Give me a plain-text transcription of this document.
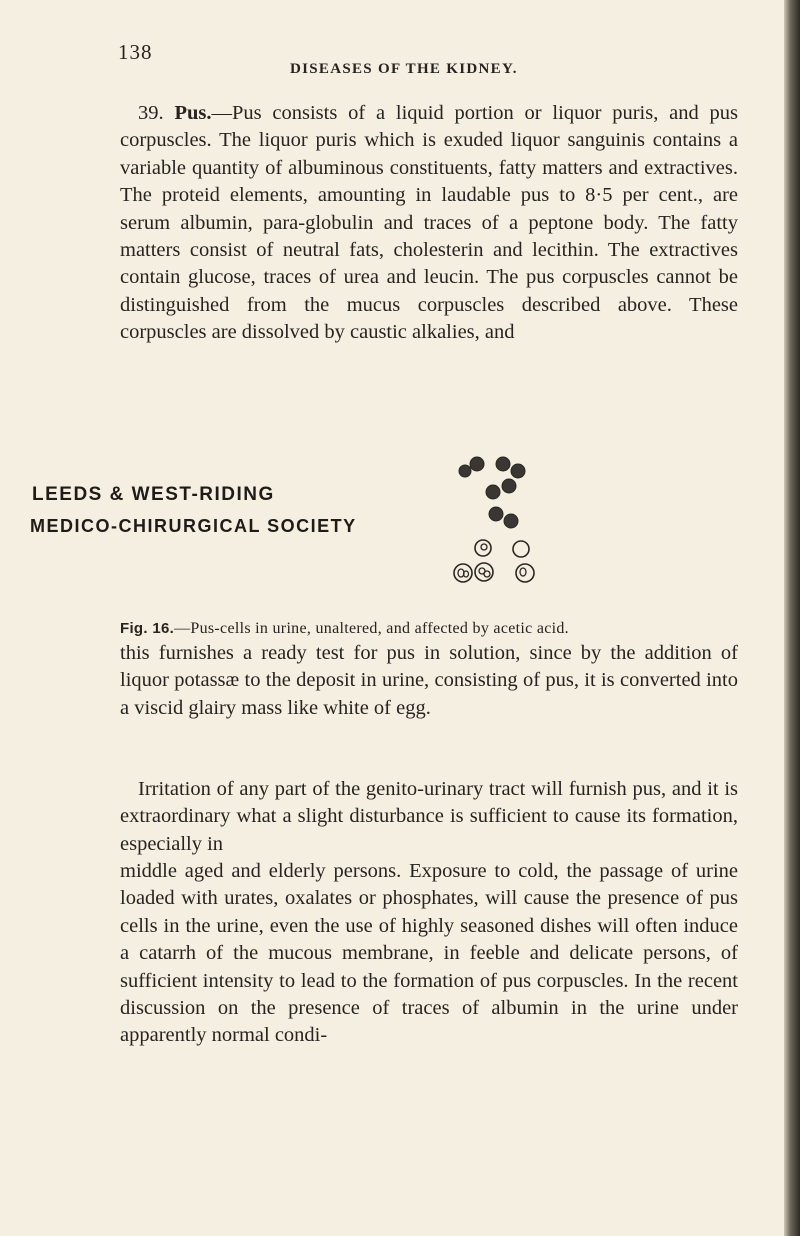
138
DISEASES OF THE KIDNEY.

39. Pus.—Pus consists of a liquid portion or liquor puris, and pus corpuscles. The liquor puris which is exuded liquor sanguinis contains a variable quantity of albuminous constituents, fatty matters and extractives. The proteid elements, amounting in laudable pus to 8·5 per cent., are serum albumin, para-globulin and traces of a peptone body. The fatty matters consist of neutral fats, cholesterin and lecithin. The extractives contain glucose, traces of urea and leucin. The pus corpuscles cannot be distinguished from the mucus corpuscles described above. These corpuscles are dissolved by caustic alkalies, and

LEEDS & WEST-RIDING
MEDICO-CHIRURGICAL SOCIETY
Fig. 16.—Pus-cells in urine, unaltered, and affected by acetic acid.

this furnishes a ready test for pus in solution, since by the addition of liquor potassæ to the deposit in urine, consisting of pus, it is converted into a viscid glairy mass like white of egg.

Irritation of any part of the genito-urinary tract will furnish pus, and it is extraordinary what a slight disturbance is sufficient to cause its formation, especially in

middle aged and elderly persons. Exposure to cold, the passage of urine loaded with urates, oxalates or phosphates, will cause the presence of pus cells in the urine, even the use of highly seasoned dishes will often induce a catarrh of the mucous membrane, in feeble and delicate persons, of sufficient intensity to lead to the formation of pus corpuscles. In the recent discussion on the presence of traces of albumin in the urine under apparently normal condi-
